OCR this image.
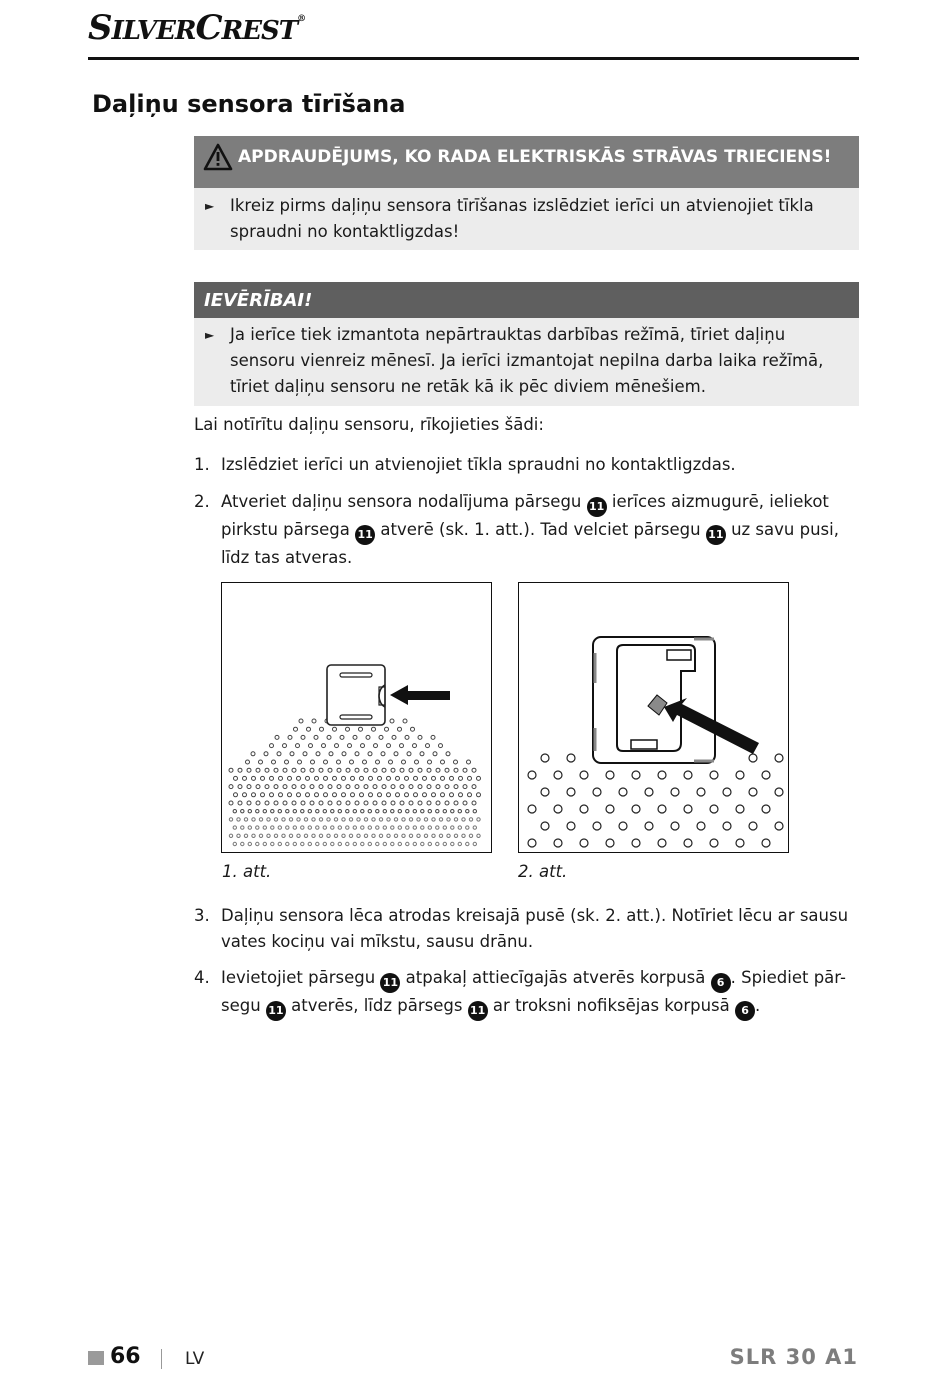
SILVERCREST®
Daļiņu sensora tīrīšana
APDRAUDĒJUMS, KO RADA ELEKTRISKĀS STRĀVAS TRIECIENS!
► Ikreiz pirms daļiņu sensora tīrīšanas izslēdziet ierīci un atvienojiet tīkla spraudni no kontaktligzdas!
IEVĒRĪBAI!
► Ja ierīce tiek izmantota nepārtrauktas darbības režīmā, tīriet daļiņu sensoru vienreiz mēnesī. Ja ierīci izmantojat nepilna darba laika režīmā, tīriet daļiņu sensoru ne retāk kā ik pēc diviem mēnešiem.

Lai notīrītu daļiņu sensoru, rīkojieties šādi:

1. Izslēdziet ierīci un atvienojiet tīkla spraudni no kontaktligzdas.
2. Atveriet daļiņu sensora nodalījuma pārsegu 11 ierīces aizmugurē, ieliekot pirkstu pārsega 11 atverē (sk. 1. att.). Tad velciet pārsegu 11 uz savu pusi, līdz tas atveras.
1. att.	2. att.
3. Daļiņu sensora lēca atrodas kreisajā pusē (sk. 2. att.). Notīriet lēcu ar sausu vates kociņu vai mīkstu, sausu drānu.
4. Ievietojiet pārsegu 11 atpakaļ attiecīgajās atverēs korpusā 6 . Spiediet pār-segu 11 atverēs, līdz pārsegs 11 ar troksni nofiksējas korpusā 6 .
66	LV	SLR 30 A1
